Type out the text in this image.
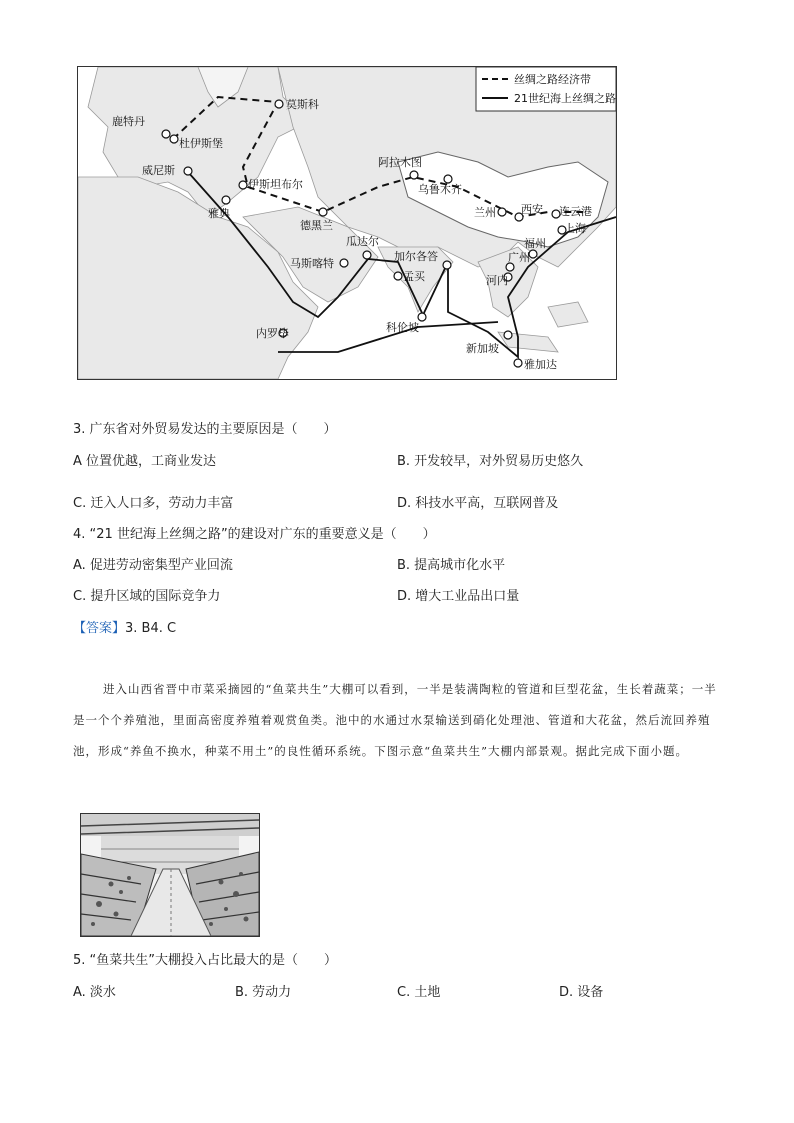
丝绸之路经济带
21世纪海上丝绸之路
莫斯科
鹿特丹
杜伊斯堡
威尼斯
伊斯坦布尔
雅典
德黑兰
阿拉木图
乌鲁木齐
兰州 西安 连云港
上海
福州
广州
河内
瓜达尔
马斯喀特
加尔各答
孟买
科伦坡
新加坡
雅加达
内罗毕
3. 广东省对外贸易发达的主要原因是（　　）
A 位置优越，工商业发达	B. 开发较早，对外贸易历史悠久
C. 迁入人口多，劳动力丰富	D. 科技水平高，互联网普及
4. “21 世纪海上丝绸之路”的建设对广东的重要意义是（　　）
A. 促进劳动密集型产业回流	B. 提高城市化水平
C. 提升区域的国际竞争力	D. 增大工业品出口量
【答案】3. B4. C
进入山西省晋中市菜采摘园的“鱼菜共生”大棚可以看到，一半是装满陶粒的管道和巨型花盆，生长着蔬菜；一半是一个个养殖池，里面高密度养殖着观赏鱼类。池中的水通过水泵输送到硝化处理池、管道和大花盆，然后流回养殖池，形成“养鱼不换水，种菜不用土”的良性循环系统。下图示意“鱼菜共生”大棚内部景观。据此完成下面小题。
5. “鱼菜共生”大棚投入占比最大的是（　　）
A. 淡水	B. 劳动力	C. 土地	D. 设备
